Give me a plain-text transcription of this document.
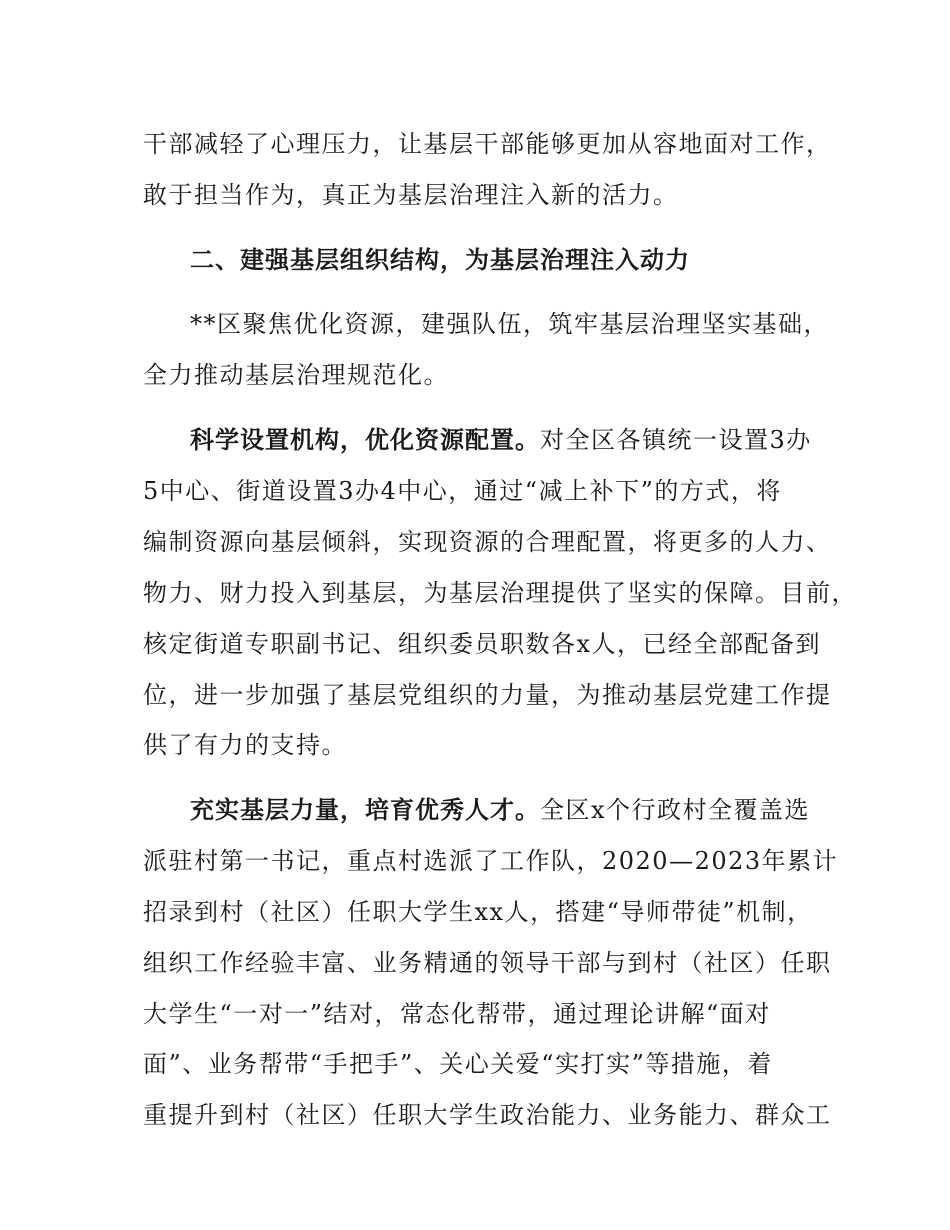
干部减轻了心理压力，让基层干部能够更加从容地面对工作，
敢于担当作为，真正为基层治理注入新的活力。
二、建强基层组织结构，为基层治理注入动力
**区聚焦优化资源，建强队伍，筑牢基层治理坚实基础，
全力推动基层治理规范化。
科学设置机构，优化资源配置。对全区各镇统一设置3办
5中心、街道设置3办4中心，通过“减上补下”的方式，将
编制资源向基层倾斜，实现资源的合理配置，将更多的人力、
物力、财力投入到基层，为基层治理提供了坚实的保障。目前，
核定街道专职副书记、组织委员职数各x人，已经全部配备到
位，进一步加强了基层党组织的力量，为推动基层党建工作提
供了有力的支持。
充实基层力量，培育优秀人才。全区x个行政村全覆盖选
派驻村第一书记，重点村选派了工作队，2020—2023年累计
招录到村（社区）任职大学生xx人，搭建“导师带徒”机制，
组织工作经验丰富、业务精通的领导干部与到村（社区）任职
大学生“一对一”结对，常态化帮带，通过理论讲解“面对
面”、业务帮带“手把手”、关心关爱“实打实”等措施，着
重提升到村（社区）任职大学生政治能力、业务能力、群众工
